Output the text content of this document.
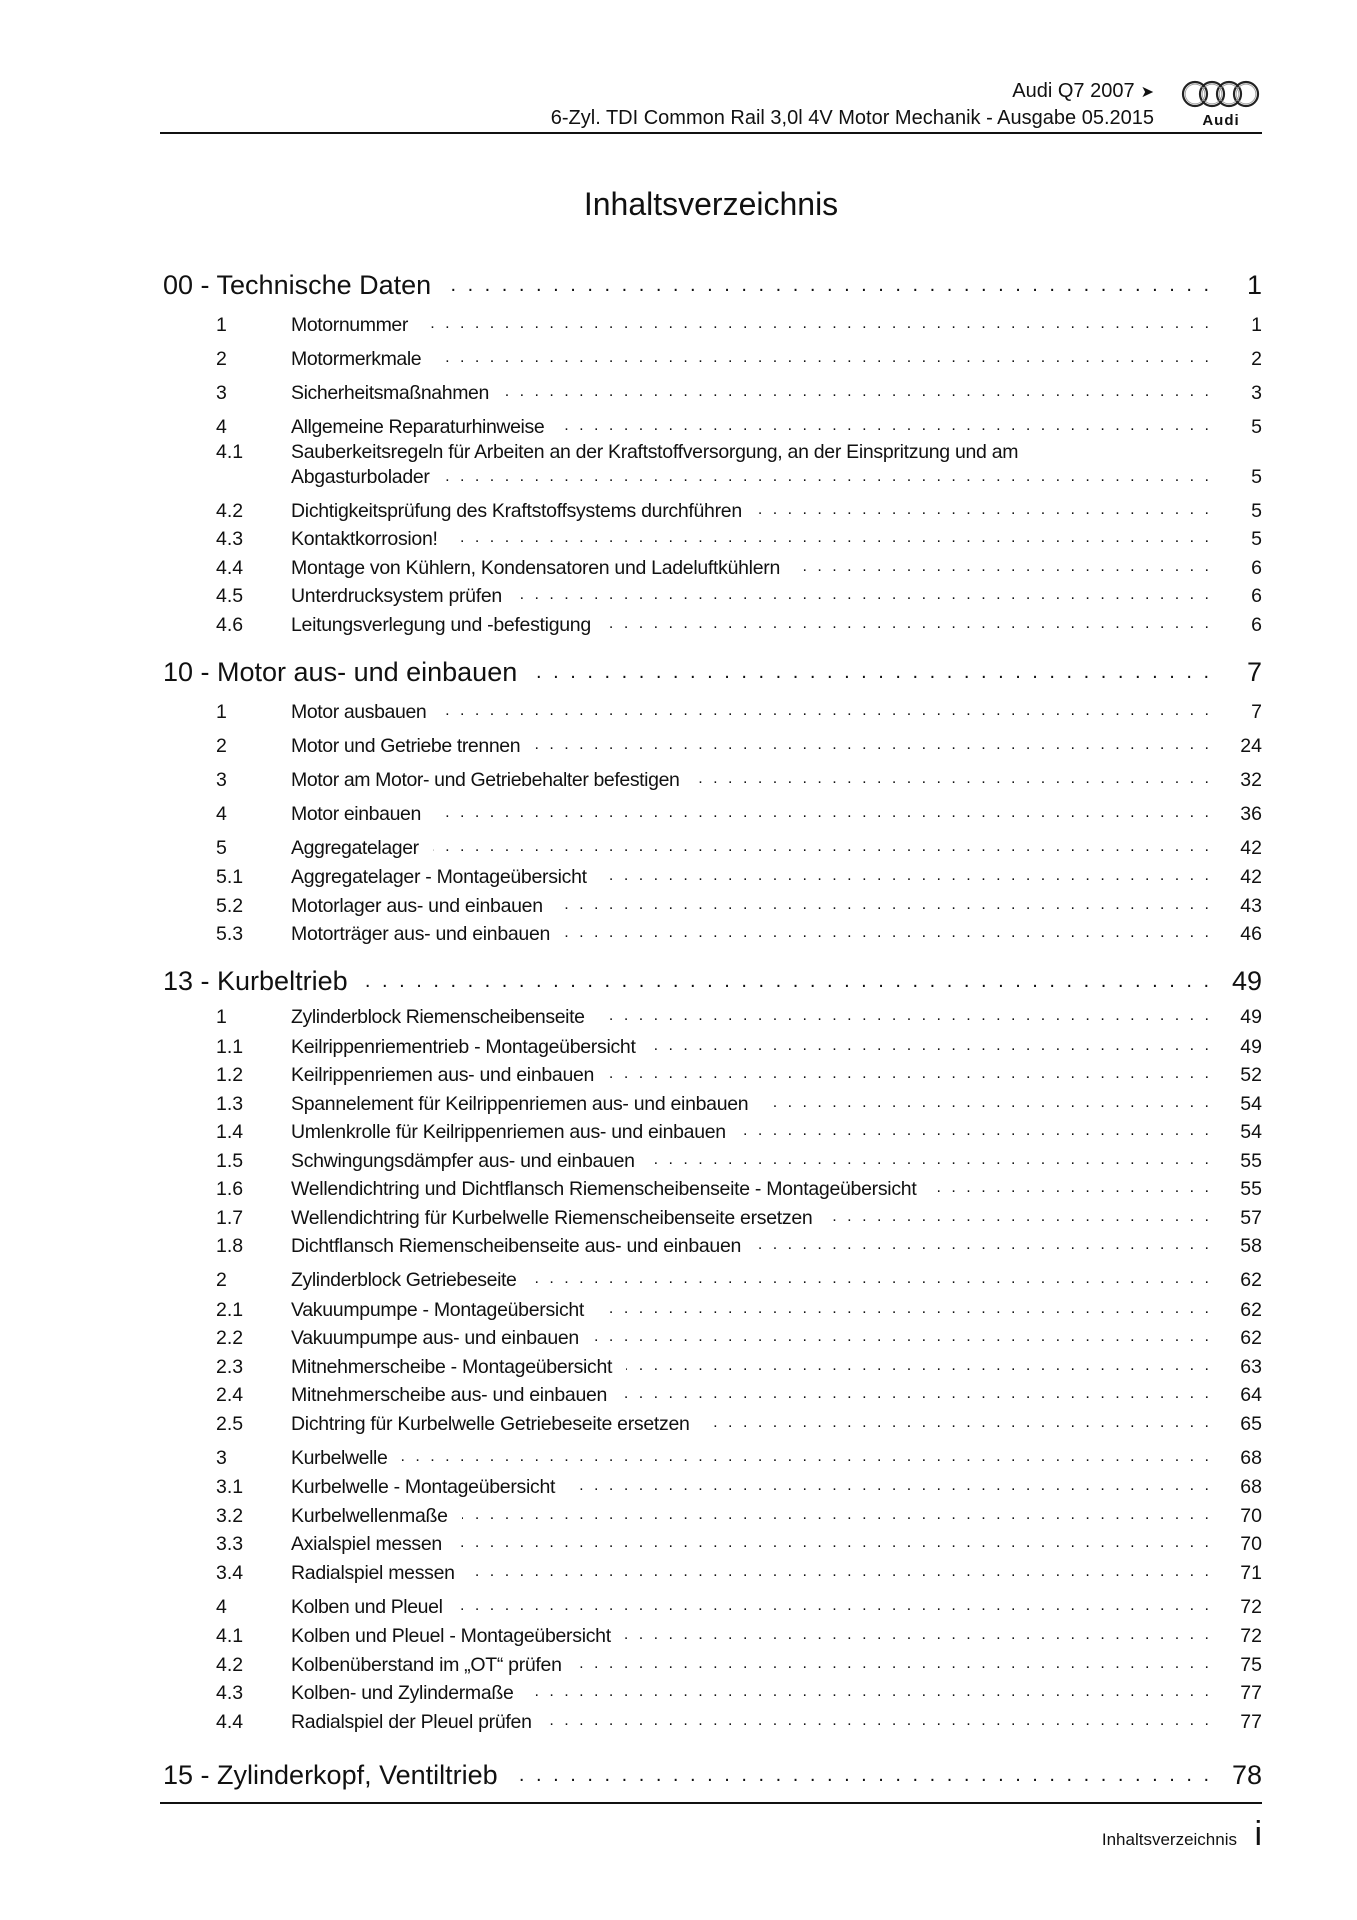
Audi Q7 2007 ➤
6-Zyl. TDI Common Rail 3,0l 4V Motor Mechanik - Ausgabe 05.2015	Audi
Inhaltsverzeichnis
00 - Technische Daten . . .	1
1	Motornummer . . .	1
2	Motormerkmale . . .	2
3	Sicherheitsmaßnahmen . . .	3
4	Allgemeine Reparaturhinweise . . .	5
4.1	Sauberkeitsregeln für Arbeiten an der Kraftstoffversorgung, an der Einspritzung und am
Abgasturbolader . . .	5
4.2	Dichtigkeitsprüfung des Kraftstoffsystems durchführen . . .	5
4.3	Kontaktkorrosion! . . .	5
4.4	Montage von Kühlern, Kondensatoren und Ladeluftkühlern . . .	6
4.5	Unterdrucksystem prüfen . . .	6
4.6	Leitungsverlegung und -befestigung . . .	6
10 - Motor aus- und einbauen . . .	7
1	Motor ausbauen . . .	7
2	Motor und Getriebe trennen . . .	24
3	Motor am Motor- und Getriebehalter befestigen . . .	32
4	Motor einbauen . . .	36
5	Aggregatelager . . .	42
5.1	Aggregatelager - Montageübersicht . . .	42
5.2	Motorlager aus- und einbauen . . .	43
5.3	Motorträger aus- und einbauen . . .	46
13 - Kurbeltrieb . . .	49
1	Zylinderblock Riemenscheibenseite . . .	49
1.1	Keilrippenriementrieb - Montageübersicht . . .	49
1.2	Keilrippenriemen aus- und einbauen . . .	52
1.3	Spannelement für Keilrippenriemen aus- und einbauen . . .	54
1.4	Umlenkrolle für Keilrippenriemen aus- und einbauen . . .	54
1.5	Schwingungsdämpfer aus- und einbauen . . .	55
1.6	Wellendichtring und Dichtflansch Riemenscheibenseite - Montageübersicht . . .	55
1.7	Wellendichtring für Kurbelwelle Riemenscheibenseite ersetzen . . .	57
1.8	Dichtflansch Riemenscheibenseite aus- und einbauen . . .	58
2	Zylinderblock Getriebeseite . . .	62
2.1	Vakuumpumpe - Montageübersicht . . .	62
2.2	Vakuumpumpe aus- und einbauen . . .	62
2.3	Mitnehmerscheibe - Montageübersicht . . .	63
2.4	Mitnehmerscheibe aus- und einbauen . . .	64
2.5	Dichtring für Kurbelwelle Getriebeseite ersetzen . . .	65
3	Kurbelwelle . . .	68
3.1	Kurbelwelle - Montageübersicht . . .	68
3.2	Kurbelwellenmaße . . .	70
3.3	Axialspiel messen . . .	70
3.4	Radialspiel messen . . .	71
4	Kolben und Pleuel . . .	72
4.1	Kolben und Pleuel - Montageübersicht . . .	72
4.2	Kolbenüberstand im „OT“ prüfen . . .	75
4.3	Kolben- und Zylindermaße . . .	77
4.4	Radialspiel der Pleuel prüfen . . .	77
15 - Zylinderkopf, Ventiltrieb . . .	78
Inhaltsverzeichnis i
